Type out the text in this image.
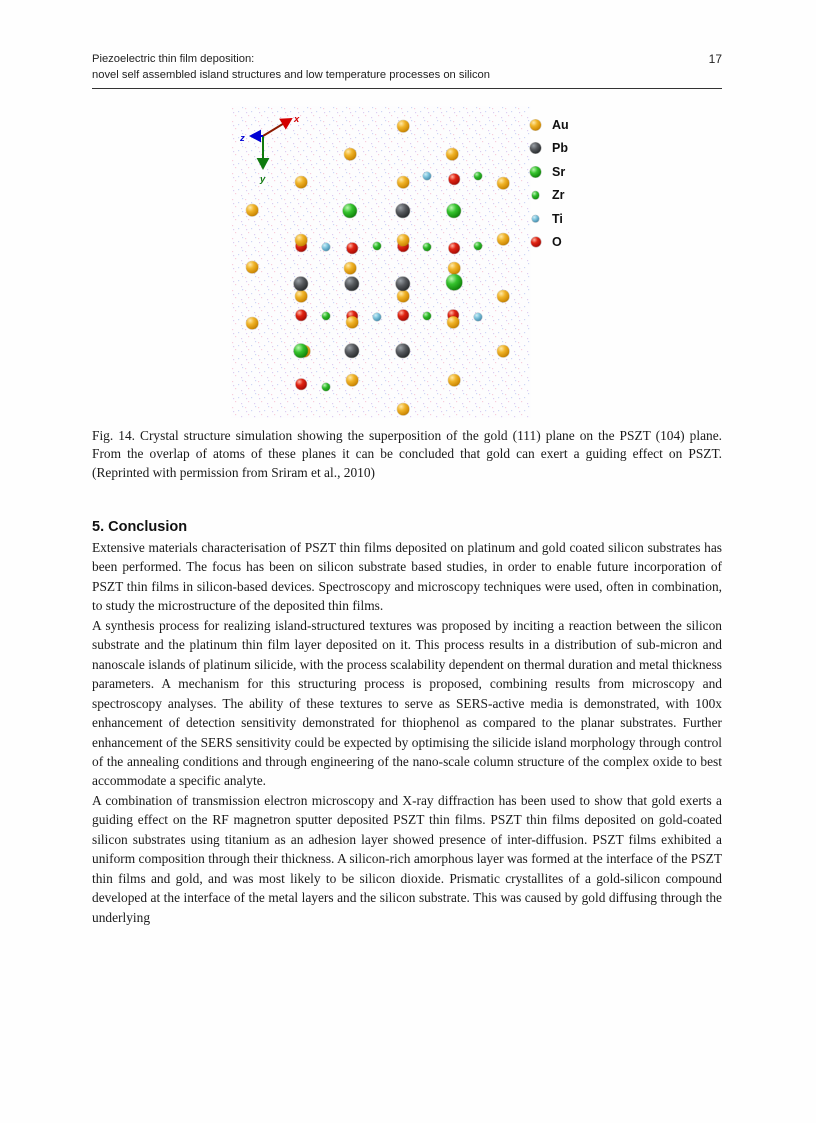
Piezoelectric thin film deposition:
novel self assembled island structures and low temperature processes on silicon
17
x
y
z
Au
Pb
Sr
Zr
Ti
O
Fig. 14. Crystal structure simulation showing the superposition of the gold (111) plane on the PSZT (104) plane. From the overlap of atoms of these planes it can be concluded that gold can exert a guiding effect on PSZT. (Reprinted with permission from Sriram et al., 2010)
5. Conclusion

Extensive materials characterisation of PSZT thin films deposited on platinum and gold coated silicon substrates has been performed. The focus has been on silicon substrate based studies, in order to enable future incorporation of PSZT thin films in silicon-based devices. Spectroscopy and microscopy techniques were used, often in combination, to study the microstructure of the deposited thin films.

A synthesis process for realizing island-structured textures was proposed by inciting a reaction between the silicon substrate and the platinum thin film layer deposited on it. This process results in a distribution of sub-micron and nanoscale islands of platinum silicide, with the process scalability dependent on thermal duration and metal thickness parameters. A mechanism for this structuring process is proposed, combining results from microscopy and spectroscopy analyses. The ability of these textures to serve as SERS-active media is demonstrated, with 100x enhancement of detection sensitivity demonstrated for thiophenol as compared to the planar substrates. Further enhancement of the SERS sensitivity could be expected by optimising the silicide island morphology through control of the annealing conditions and through engineering of the nano-scale column structure of the complex oxide to best accommodate a specific analyte.

A combination of transmission electron microscopy and X-ray diffraction has been used to show that gold exerts a guiding effect on the RF magnetron sputter deposited PSZT thin films. PSZT thin films deposited on gold-coated silicon substrates using titanium as an adhesion layer showed presence of inter-diffusion. PSZT films exhibited a uniform composition through their thickness. A silicon-rich amorphous layer was formed at the interface of the PSZT thin films and gold, and was most likely to be silicon dioxide. Prismatic crystallites of a gold-silicon compound developed at the interface of the metal layers and the silicon substrate. This was caused by gold diffusing through the underlying
